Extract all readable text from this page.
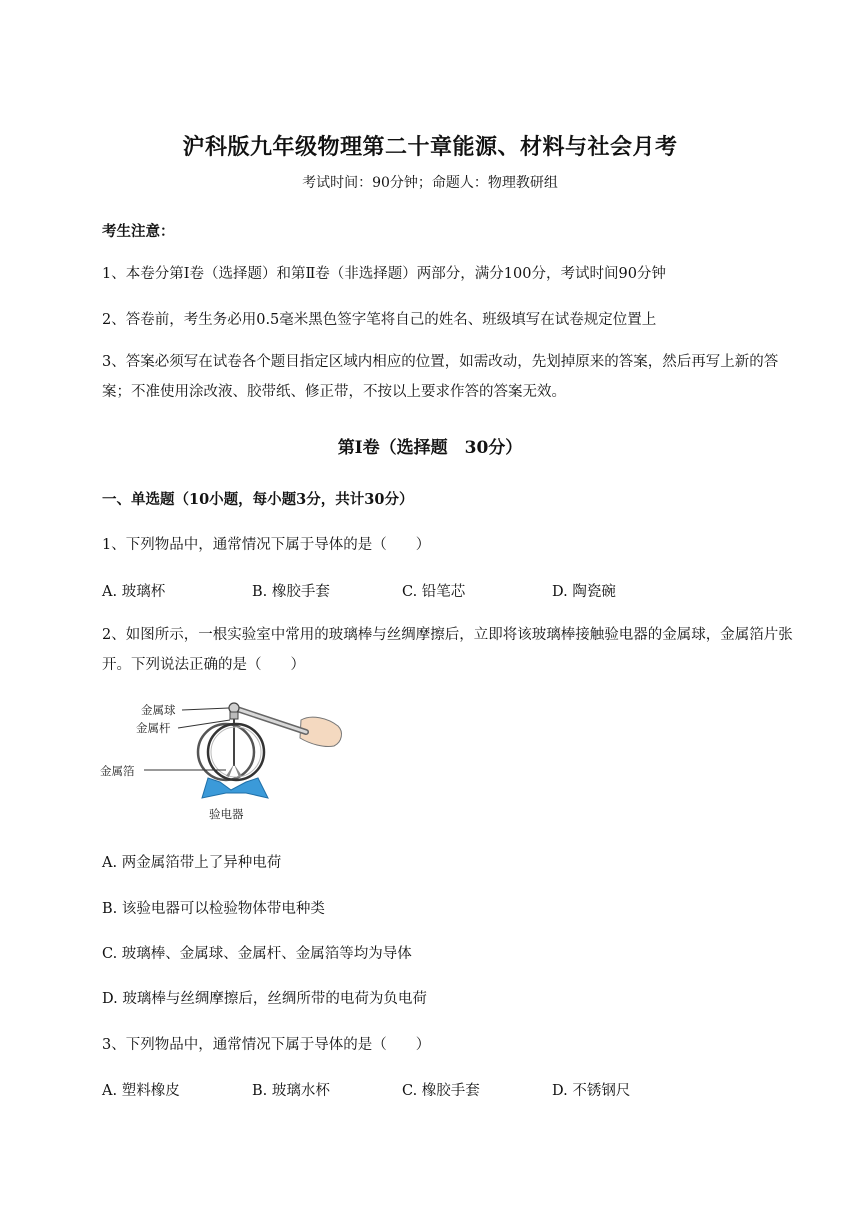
沪科版九年级物理第二十章能源、材料与社会月考
考试时间：90分钟；命题人：物理教研组
考生注意：
1、本卷分第Ⅰ卷（选择题）和第Ⅱ卷（非选择题）两部分，满分100分，考试时间90分钟
2、答卷前，考生务必用0.5毫米黑色签字笔将自己的姓名、班级填写在试卷规定位置上
3、答案必须写在试卷各个题目指定区域内相应的位置，如需改动，先划掉原来的答案，然后再写上新的答案；不准使用涂改液、胶带纸、修正带，不按以上要求作答的答案无效。
第Ⅰ卷（选择题　30分）
一、单选题（10小题，每小题3分，共计30分）
1、下列物品中，通常情况下属于导体的是（　　）
A. 玻璃杯	B. 橡胶手套	C. 铅笔芯	D. 陶瓷碗
2、如图所示，一根实验室中常用的玻璃棒与丝绸摩擦后，立即将该玻璃棒接触验电器的金属球，金属箔片张开。下列说法正确的是（　　）
金属球
金属杆
金属箔
验电器
A. 两金属箔带上了异种电荷
B. 该验电器可以检验物体带电种类
C. 玻璃棒、金属球、金属杆、金属箔等均为导体
D. 玻璃棒与丝绸摩擦后，丝绸所带的电荷为负电荷
3、下列物品中，通常情况下属于导体的是（　　）
A. 塑料橡皮	B. 玻璃水杯	C. 橡胶手套	D. 不锈钢尺
